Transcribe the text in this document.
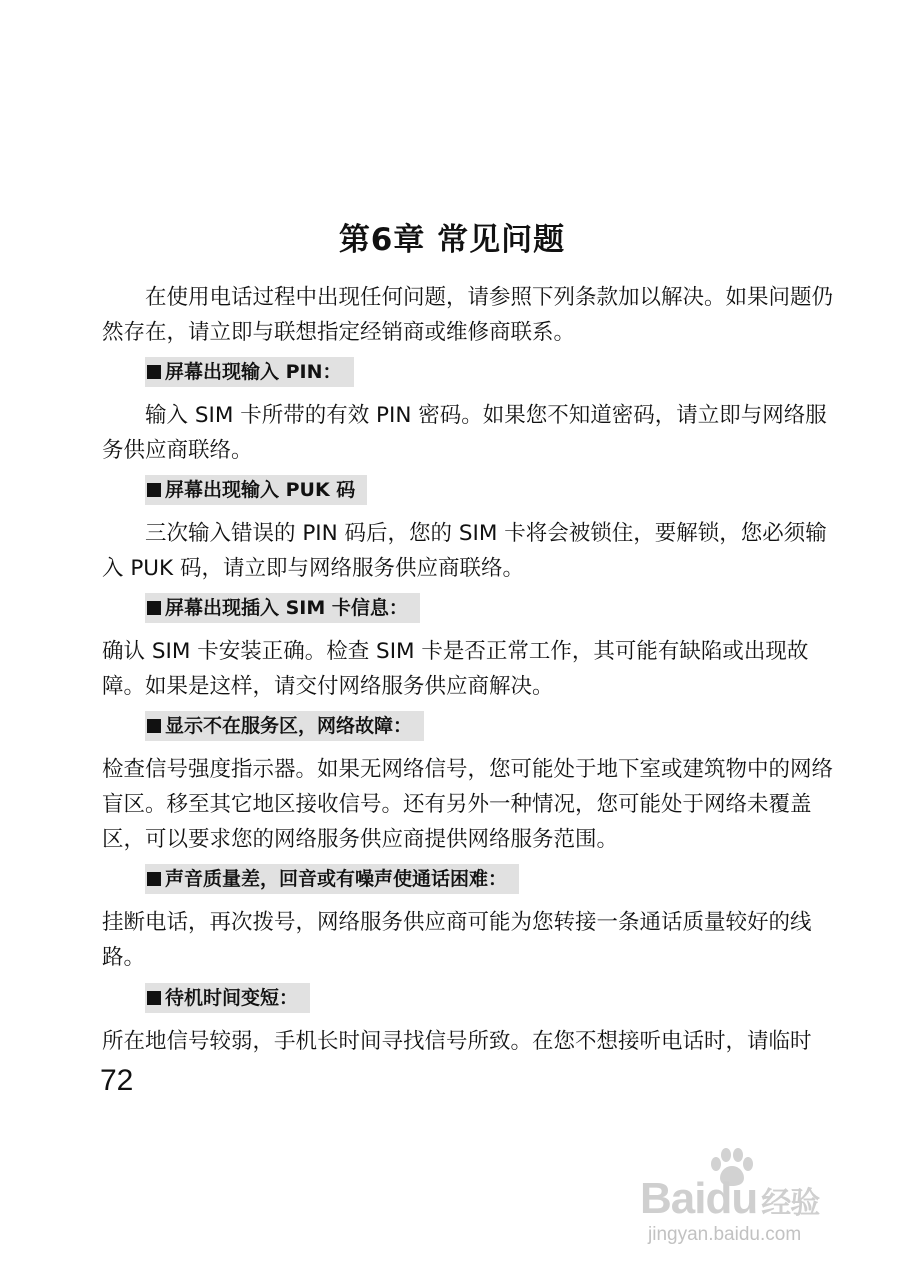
第6章 常见问题

在使用电话过程中出现任何问题，请参照下列条款加以解决。如果问题仍然存在，请立即与联想指定经销商或维修商联系。

屏幕出现输入 PIN：

输入 SIM 卡所带的有效 PIN 密码。如果您不知道密码，请立即与网络服务供应商联络。

屏幕出现输入 PUK 码

三次输入错误的 PIN 码后，您的 SIM 卡将会被锁住，要解锁，您必须输入 PUK 码，请立即与网络服务供应商联络。

屏幕出现插入 SIM 卡信息：

确认 SIM 卡安装正确。检查 SIM 卡是否正常工作，其可能有缺陷或出现故障。如果是这样，请交付网络服务供应商解决。

显示不在服务区，网络故障：

检查信号强度指示器。如果无网络信号，您可能处于地下室或建筑物中的网络盲区。移至其它地区接收信号。还有另外一种情况，您可能处于网络未覆盖区，可以要求您的网络服务供应商提供网络服务范围。

声音质量差，回音或有噪声使通话困难：

挂断电话，再次拨号，网络服务供应商可能为您转接一条通话质量较好的线路。

待机时间变短：

所在地信号较弱，手机长时间寻找信号所致。在您不想接听电话时，请临时

72
Baidu 经验
jingyan.baidu.com
